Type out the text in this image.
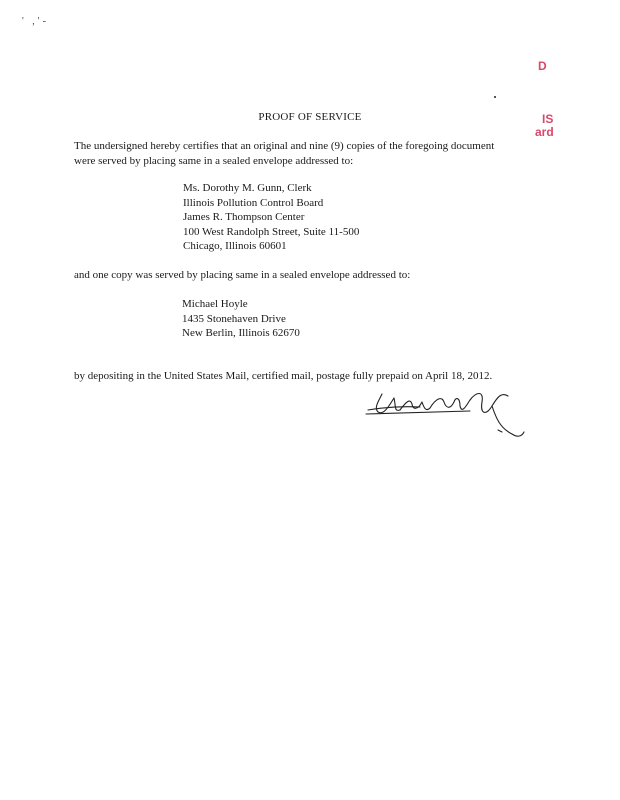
' ,'-
D
IS
ard
PROOF OF SERVICE
The undersigned hereby certifies that an original and nine (9) copies of the foregoing document
were served by placing same in a sealed envelope addressed to:
Ms. Dorothy M. Gunn, Clerk
Illinois Pollution Control Board
James R. Thompson Center
100 West Randolph Street, Suite 11-500
Chicago, Illinois 60601
and one copy was served by placing same in a sealed envelope addressed to:
Michael Hoyle
1435 Stonehaven Drive
New Berlin, Illinois 62670
by depositing in the United States Mail, certified mail, postage fully prepaid on April 18, 2012.
